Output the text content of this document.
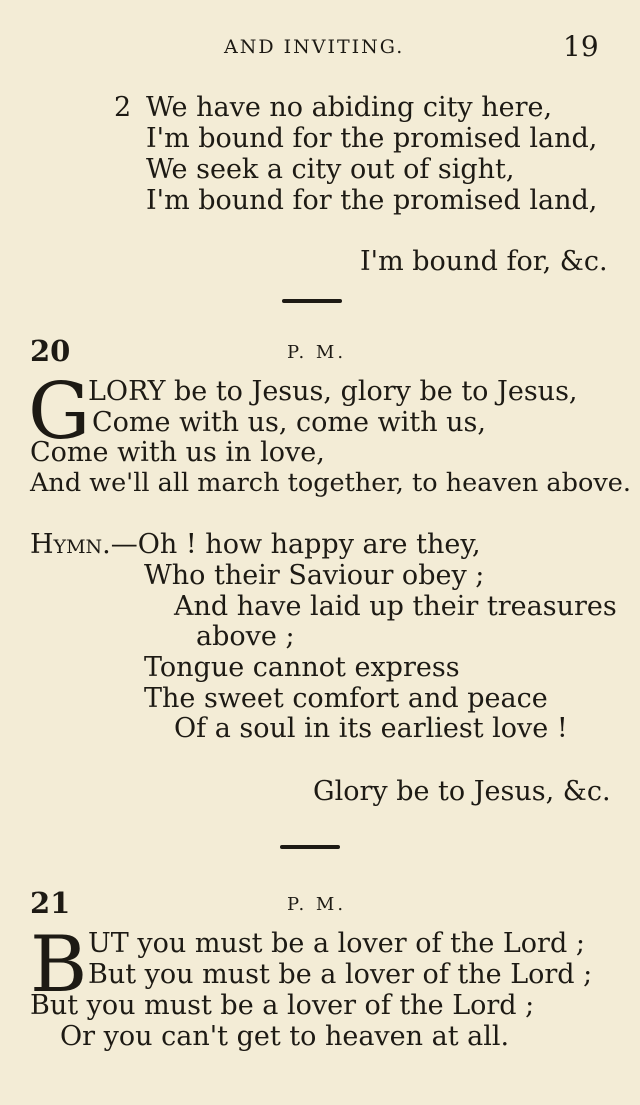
AND INVITING.	19
2 We have no abiding city here,
I'm bound for the promised land,
We seek a city out of sight,
I'm bound for the promised land,
I'm bound for, &c.
20	P. M.
G
LORY be to Jesus, glory be to Jesus,
Come with us, come with us,
Come with us in love,
And we'll all march together, to heaven above.
Hymn.—Oh ! how happy are they,
Who their Saviour obey ;
And have laid up their treasures
above ;
Tongue cannot express
The sweet comfort and peace
Of a soul in its earliest love !
Glory be to Jesus, &c.
21	P. M.
B UT you must be a lover of the Lord ;
But you must be a lover of the Lord ;
But you must be a lover of the Lord ;
Or you can't get to heaven at all.
